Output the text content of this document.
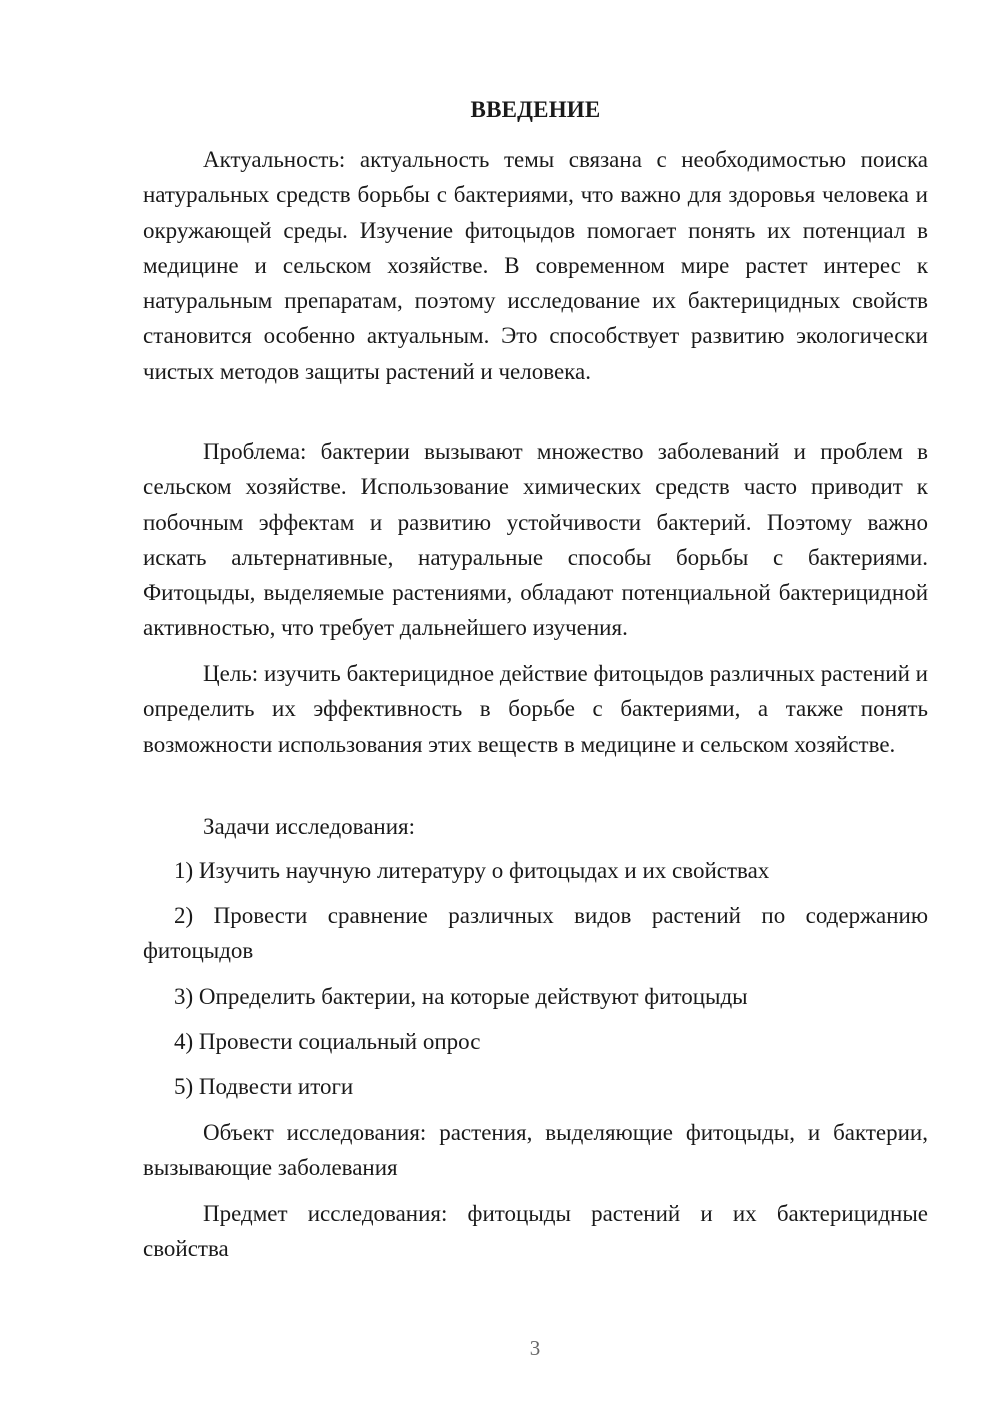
ВВЕДЕНИЕ

Актуальность: актуальность темы связана с необходимостью поиска натуральных средств борьбы с бактериями, что важно для здоровья человека и окружающей среды. Изучение фитоцыдов помогает понять их потенциал в медицине и сельском хозяйстве. В современном мире растет интерес к натуральным препаратам, поэтому исследование их бактерицидных свойств становится особенно актуальным. Это способствует развитию экологически чистых методов защиты растений и человека.

Проблема: бактерии вызывают множество заболеваний и проблем в сельском хозяйстве. Использование химических средств часто приводит к побочным эффектам и развитию устойчивости бактерий. Поэтому важно искать альтернативные, натуральные способы борьбы с бактериями. Фитоцыды, выделяемые растениями, обладают потенциальной бактерицидной активностью, что требует дальнейшего изучения.

Цель: изучить бактерицидное действие фитоцыдов различных растений и определить их эффективность в борьбе с бактериями, а также понять возможности использования этих веществ в медицине и сельском хозяйстве.

Задачи исследования:

1) Изучить научную литературу о фитоцыдах и их свойствах

2) Провести сравнение различных видов растений по содержанию фитоцыдов

3) Определить бактерии, на которые действуют фитоцыды

4) Провести социальный опрос

5) Подвести итоги

Объект исследования: растения, выделяющие фитоцыды, и бактерии, вызывающие заболевания

Предмет исследования: фитоцыды растений и их бактерицидные свойства

3
